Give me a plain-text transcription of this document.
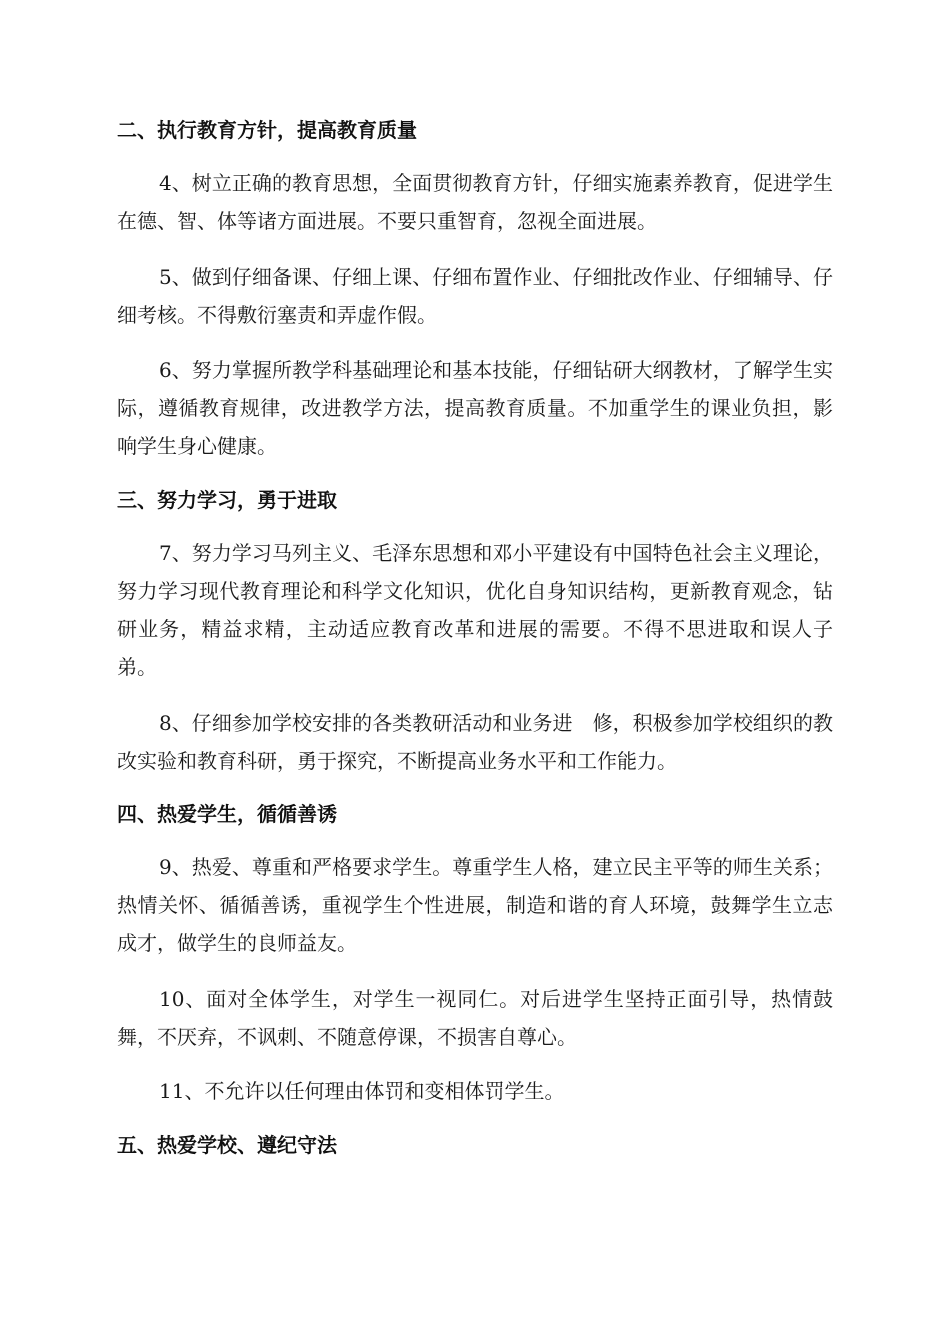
二、执行教育方针，提高教育质量
4、树立正确的教育思想，全面贯彻教育方针，仔细实施素养教育，促进学生在德、智、体等诸方面进展。不要只重智育，忽视全面进展。
5、做到仔细备课、仔细上课、仔细布置作业、仔细批改作业、仔细辅导、仔细考核。不得敷衍塞责和弄虚作假。
6、努力掌握所教学科基础理论和基本技能，仔细钻研大纲教材，了解学生实际，遵循教育规律，改进教学方法，提高教育质量。不加重学生的课业负担，影响学生身心健康。
三、努力学习，勇于进取
7、努力学习马列主义、毛泽东思想和邓小平建设有中国特色社会主义理论，努力学习现代教育理论和科学文化知识，优化自身知识结构，更新教育观念，钻研业务，精益求精，主动适应教育改革和进展的需要。不得不思进取和误人子弟。
8、仔细参加学校安排的各类教研活动和业务进　修，积极参加学校组织的教改实验和教育科研，勇于探究，不断提高业务水平和工作能力。
四、热爱学生，循循善诱
9、热爱、尊重和严格要求学生。尊重学生人格，建立民主平等的师生关系；热情关怀、循循善诱，重视学生个性进展，制造和谐的育人环境，鼓舞学生立志成才，做学生的良师益友。
10、面对全体学生，对学生一视同仁。对后进学生坚持正面引导，热情鼓舞，不厌弃，不讽刺、不随意停课，不损害自尊心。
11、不允许以任何理由体罚和变相体罚学生。
五、热爱学校、遵纪守法
